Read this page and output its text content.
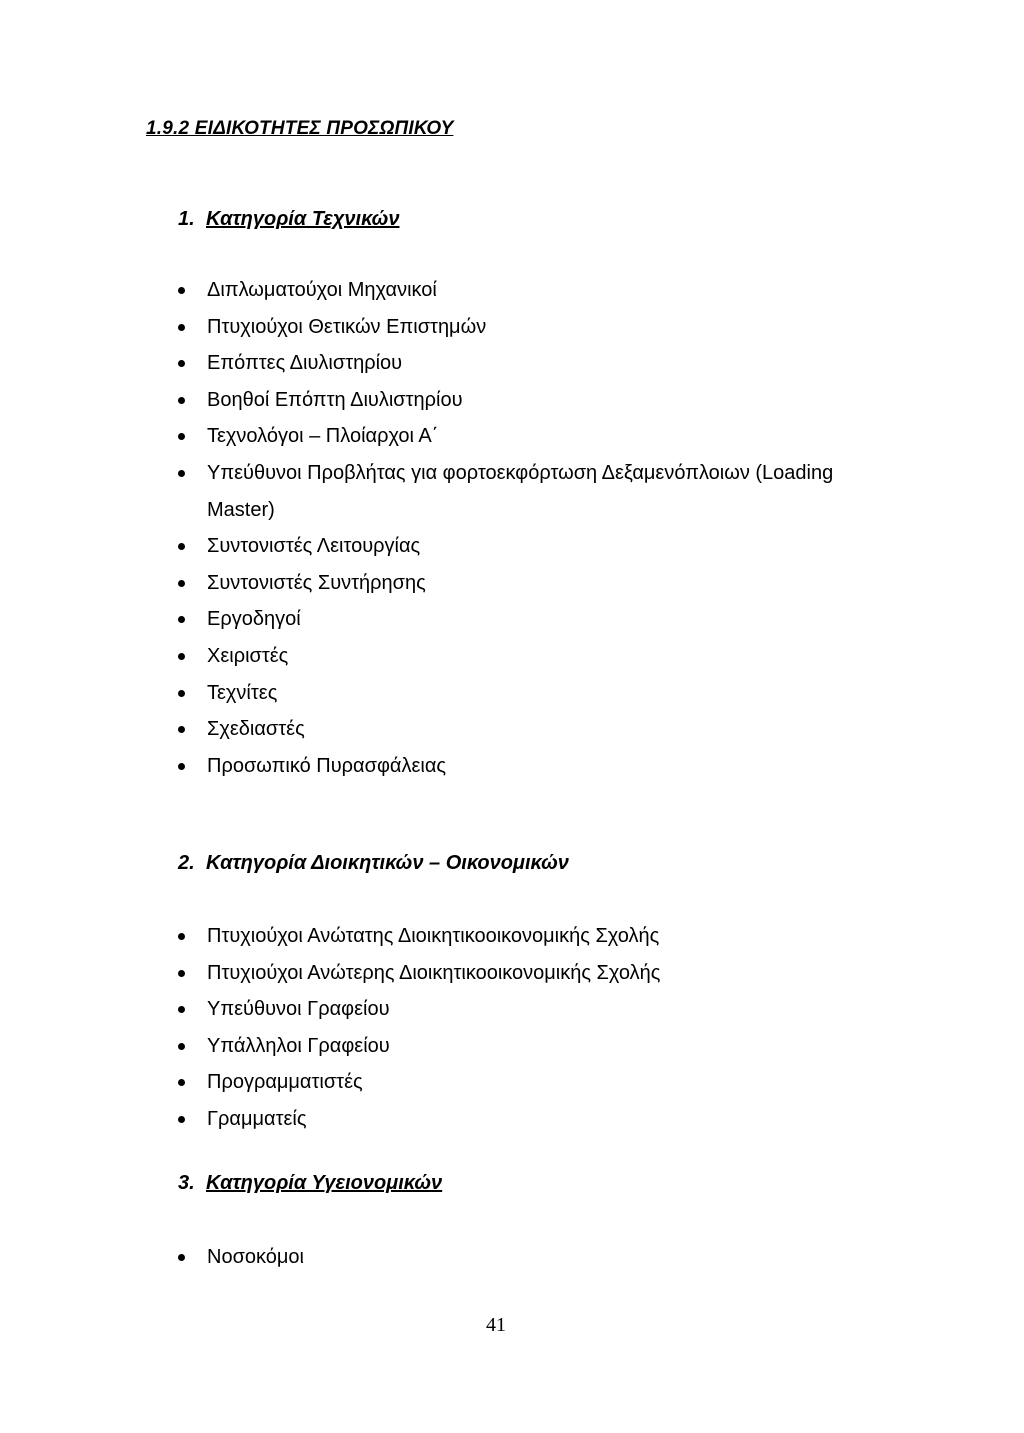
1.9.2 ΕΙΔΙΚΟΤΗΤΕΣ ΠΡΟΣΩΠΙΚΟΥ
1. Κατηγορία Τεχνικών
Διπλωματούχοι Μηχανικοί
Πτυχιούχοι Θετικών Επιστημών
Επόπτες Διυλιστηρίου
Βοηθοί Επόπτη Διυλιστηρίου
Τεχνολόγοι – Πλοίαρχοι Α΄
Υπεύθυνοι Προβλήτας για φορτοεκφόρτωση Δεξαμενόπλοιων (Loading
Master)
Συντονιστές Λειτουργίας
Συντονιστές Συντήρησης
Εργοδηγοί
Χειριστές
Τεχνίτες
Σχεδιαστές
Προσωπικό Πυρασφάλειας
2. Κατηγορία Διοικητικών – Οικονομικών
Πτυχιούχοι Ανώτατης Διοικητικοοικονομικής Σχολής
Πτυχιούχοι Ανώτερης Διοικητικοοικονομικής Σχολής
Υπεύθυνοι Γραφείου
Υπάλληλοι Γραφείου
Προγραμματιστές
Γραμματείς
3. Κατηγορία Υγειονομικών
Νοσοκόμοι
41
